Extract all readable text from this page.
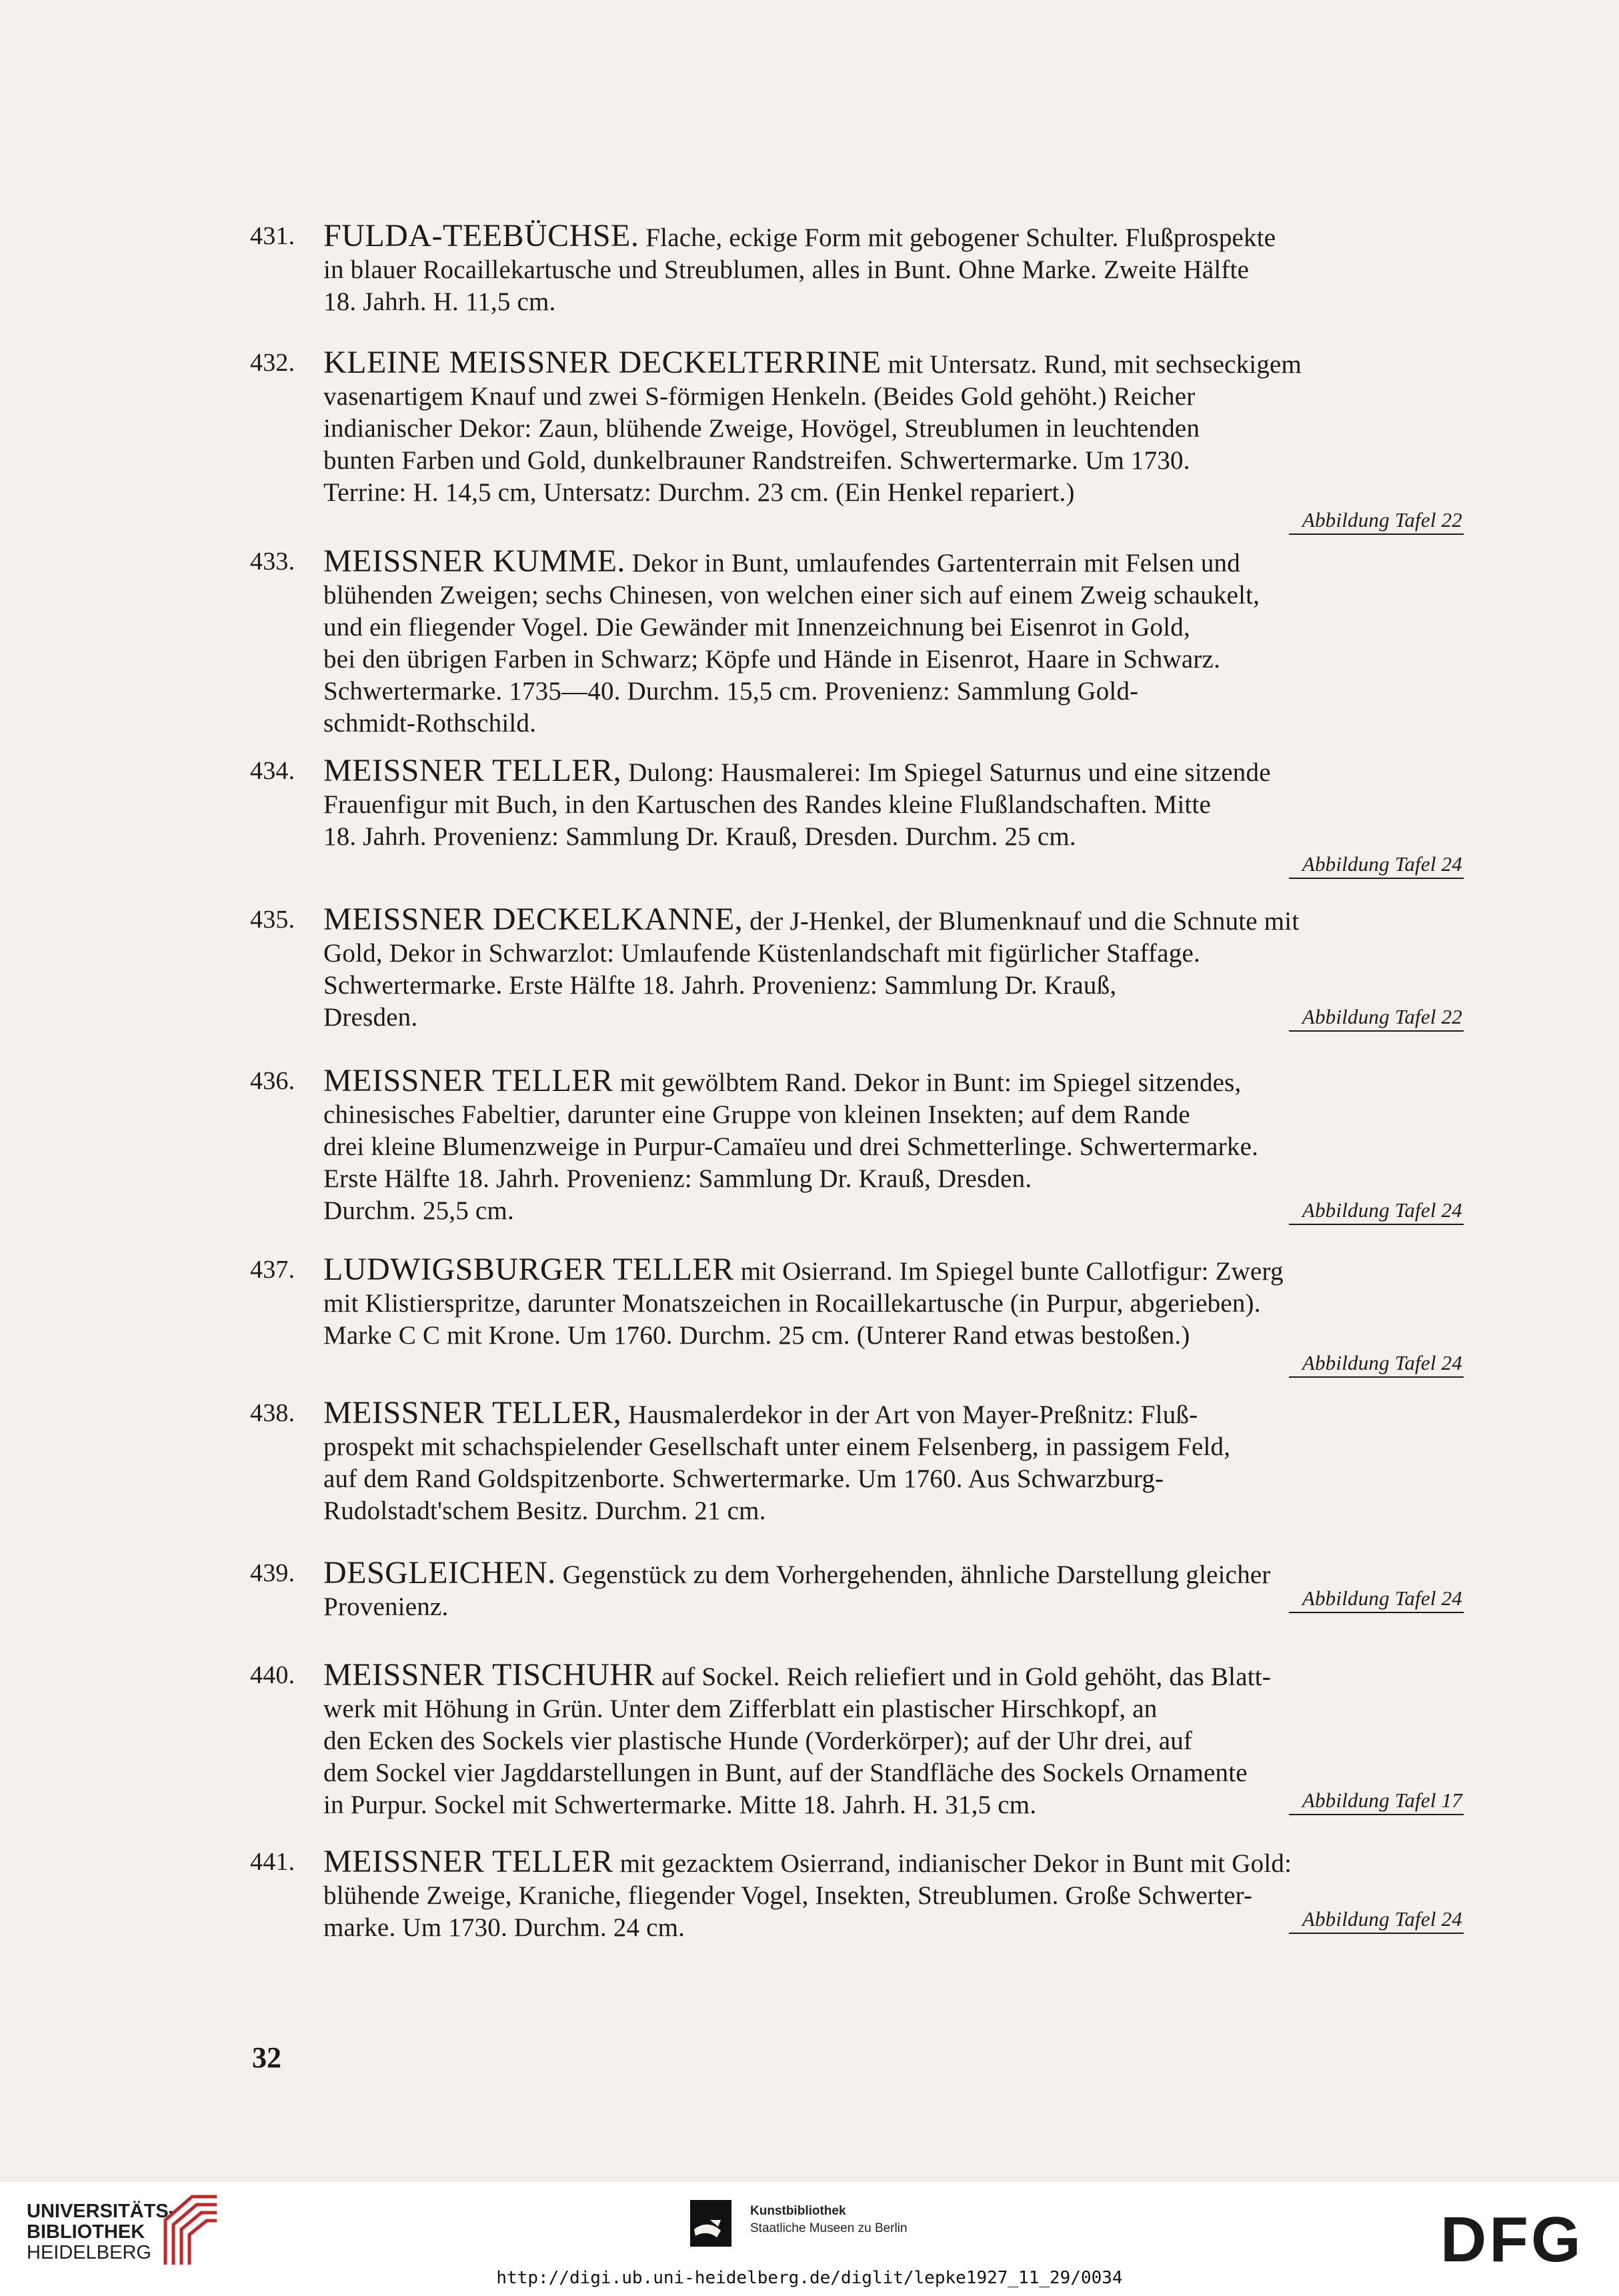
431. FULDA-TEEBÜCHSE. Flache, eckige Form mit gebogener Schulter. Flußprospekte
in blauer Rocaillekartusche und Streublumen, alles in Bunt. Ohne Marke. Zweite Hälfte
18. Jahrh. H. 11,5 cm.
432. KLEINE MEISSNER DECKELTERRINE mit Untersatz. Rund, mit sechseckigem
vasenartigem Knauf und zwei S-förmigen Henkeln. (Beides Gold gehöht.) Reicher
indianischer Dekor: Zaun, blühende Zweige, Hovögel, Streublumen in leuchtenden
bunten Farben und Gold, dunkelbrauner Randstreifen. Schwertermarke. Um 1730.
Terrine: H. 14,5 cm, Untersatz: Durchm. 23 cm. (Ein Henkel repariert.)
Abbildung Tafel 22
433. MEISSNER KUMME. Dekor in Bunt, umlaufendes Gartenterrain mit Felsen und
blühenden Zweigen; sechs Chinesen, von welchen einer sich auf einem Zweig schaukelt,
und ein fliegender Vogel. Die Gewänder mit Innenzeichnung bei Eisenrot in Gold,
bei den übrigen Farben in Schwarz; Köpfe und Hände in Eisenrot, Haare in Schwarz.
Schwertermarke. 1735—40. Durchm. 15,5 cm. Provenienz: Sammlung Gold-
schmidt-Rothschild.
434. MEISSNER TELLER, Dulong: Hausmalerei: Im Spiegel Saturnus und eine sitzende
Frauenfigur mit Buch, in den Kartuschen des Randes kleine Flußlandschaften. Mitte
18. Jahrh. Provenienz: Sammlung Dr. Krauß, Dresden. Durchm. 25 cm.
Abbildung Tafel 24
435. MEISSNER DECKELKANNE, der J-Henkel, der Blumenknauf und die Schnute mit
Gold, Dekor in Schwarzlot: Umlaufende Küstenlandschaft mit figürlicher Staffage.
Schwertermarke. Erste Hälfte 18. Jahrh. Provenienz: Sammlung Dr. Krauß,
Dresden.	Abbildung Tafel 22
436. MEISSNER TELLER mit gewölbtem Rand. Dekor in Bunt: im Spiegel sitzendes,
chinesisches Fabeltier, darunter eine Gruppe von kleinen Insekten; auf dem Rande
drei kleine Blumenzweige in Purpur-Camaïeu und drei Schmetterlinge. Schwertermarke.
Erste Hälfte 18. Jahrh. Provenienz: Sammlung Dr. Krauß, Dresden.
Durchm. 25,5 cm.	Abbildung Tafel 24
437. LUDWIGSBURGER TELLER mit Osierrand. Im Spiegel bunte Callotfigur: Zwerg
mit Klistierspritze, darunter Monatszeichen in Rocaillekartusche (in Purpur, abgerieben).
Marke C C mit Krone. Um 1760. Durchm. 25 cm. (Unterer Rand etwas bestoßen.)
Abbildung Tafel 24
438. MEISSNER TELLER, Hausmalerdekor in der Art von Mayer-Preßnitz: Fluß-
prospekt mit schachspielender Gesellschaft unter einem Felsenberg, in passigem Feld,
auf dem Rand Goldspitzenborte. Schwertermarke. Um 1760. Aus Schwarzburg-
Rudolstadt'schem Besitz. Durchm. 21 cm.
439. DESGLEICHEN. Gegenstück zu dem Vorhergehenden, ähnliche Darstellung gleicher
Provenienz.	Abbildung Tafel 24
440. MEISSNER TISCHUHR auf Sockel. Reich reliefiert und in Gold gehöht, das Blatt-
werk mit Höhung in Grün. Unter dem Zifferblatt ein plastischer Hirschkopf, an
den Ecken des Sockels vier plastische Hunde (Vorderkörper); auf der Uhr drei, auf
dem Sockel vier Jagddarstellungen in Bunt, auf der Standfläche des Sockels Ornamente
in Purpur. Sockel mit Schwertermarke. Mitte 18. Jahrh. H. 31,5 cm.	Abbildung Tafel 17
441. MEISSNER TELLER mit gezacktem Osierrand, indianischer Dekor in Bunt mit Gold:
blühende Zweige, Kraniche, fliegender Vogel, Insekten, Streublumen. Große Schwerter-
marke. Um 1730. Durchm. 24 cm.	Abbildung Tafel 24
32
UNIVERSITÄTS-
BIBLIOTHEK
HEIDELBERG
Kunstbibliothek
Staatliche Museen zu Berlin	DFG
http://digi.ub.uni-heidelberg.de/diglit/lepke1927_11_29/0034
